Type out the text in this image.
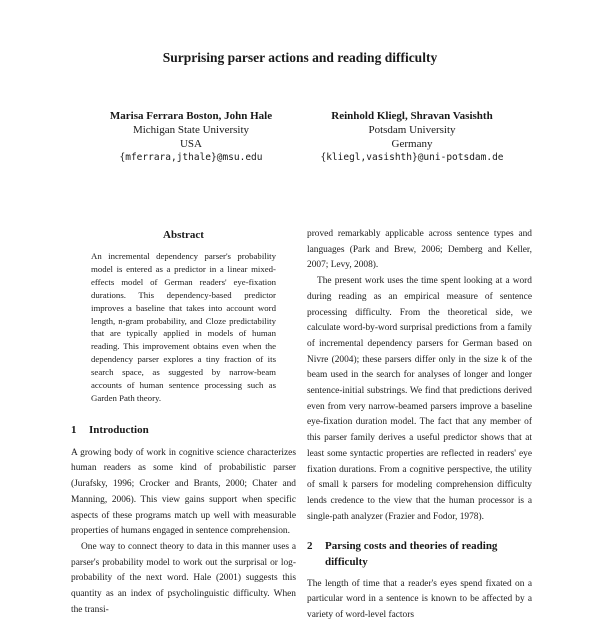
Surprising parser actions and reading difficulty
Marisa Ferrara Boston, John Hale
Michigan State University
USA
{mferrara,jthale}@msu.edu
Reinhold Kliegl, Shravan Vasishth
Potsdam University
Germany
{kliegl,vasishth}@uni-potsdam.de
Abstract
An incremental dependency parser's probability model is entered as a predictor in a linear mixed-effects model of German readers' eye-fixation durations. This dependency-based predictor improves a baseline that takes into account word length, n-gram probability, and Cloze predictability that are typically applied in models of human reading. This improvement obtains even when the dependency parser explores a tiny fraction of its search space, as suggested by narrow-beam accounts of human sentence processing such as Garden Path theory.
1	Introduction

A growing body of work in cognitive science characterizes human readers as some kind of probabilistic parser (Jurafsky, 1996; Crocker and Brants, 2000; Chater and Manning, 2006). This view gains support when specific aspects of these programs match up well with measurable properties of humans engaged in sentence comprehension.

One way to connect theory to data in this manner uses a parser's probability model to work out the surprisal or log-probability of the next word. Hale (2001) suggests this quantity as an index of psycholinguistic difficulty. When the transi-

proved remarkably applicable across sentence types and languages (Park and Brew, 2006; Demberg and Keller, 2007; Levy, 2008).

The present work uses the time spent looking at a word during reading as an empirical measure of sentence processing difficulty. From the theoretical side, we calculate word-by-word surprisal predictions from a family of incremental dependency parsers for German based on Nivre (2004); these parsers differ only in the size k of the beam used in the search for analyses of longer and longer sentence-initial substrings. We find that predictions derived even from very narrow-beamed parsers improve a baseline eye-fixation duration model. The fact that any member of this parser family derives a useful predictor shows that at least some syntactic properties are reflected in readers' eye fixation durations. From a cognitive perspective, the utility of small k parsers for modeling comprehension difficulty lends credence to the view that the human processor is a single-path analyzer (Frazier and Fodor, 1978).

2	Parsing costs and theories of reading
difficulty

The length of time that a reader's eyes spend fixated on a particular word in a sentence is known to be affected by a variety of word-level factors
